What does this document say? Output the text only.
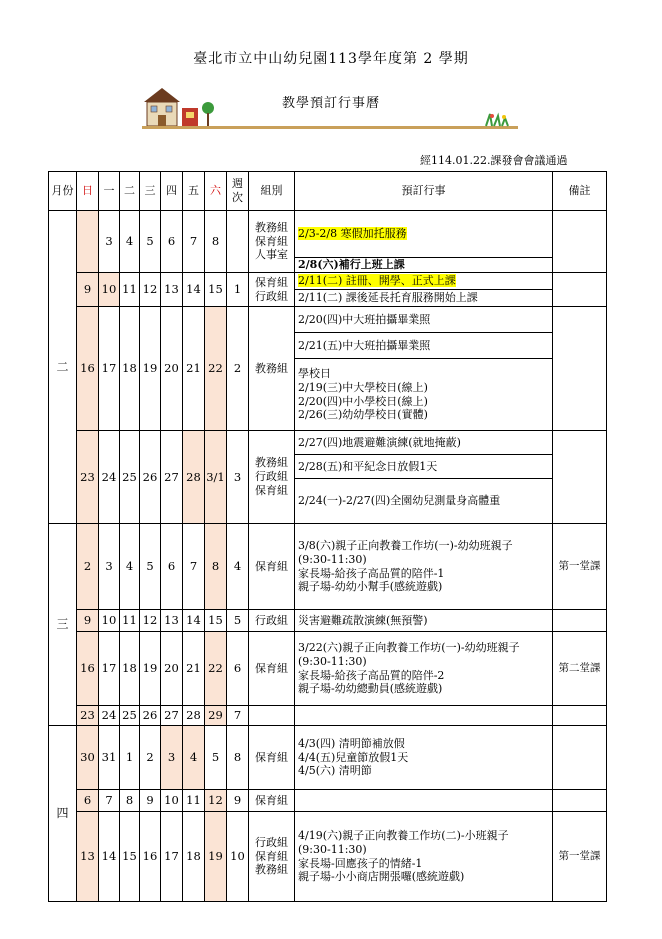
臺北市立中山幼兒園113學年度第 2 學期
教學預訂行事曆
經114.01.22.課發會會議通過
月份	日	一	二	三	四	五	六	週次	組別	預訂行事	備註
二		3	4	5	6	7	8		教務組
保育組
人事室	2/3-2/8 寒假加托服務	

										2/8(六)補行上班上課	

	9	10	11	12	13	14	15	1	保育組
行政組	2/11(二) 註冊、開學、正式上課	

										2/11(二) 課後延長托育服務開始上課	

	16	17	18	19	20	21	22	2	教務組	2/20(四)中大班拍攝畢業照	

										2/21(五)中大班拍攝畢業照	

										學校日
2/19(三)中大學校日(線上)
2/20(四)中小學校日(線上)
2/26(三)幼幼學校日(實體)	

	23	24	25	26	27	28	3/1	3	教務組
行政組
保育組	2/27(四)地震避難演練(就地掩蔽)	

										2/28(五)和平紀念日放假1天	

										2/24(一)-2/27(四)全園幼兒測量身高體重	

三	2	3	4	5	6	7	8	4	保育組	3/8(六)親子正向教養工作坊(一)-幼幼班親子
(9:30-11:30)
家長場-給孩子高品質的陪伴-1
親子場-幼幼小幫手(感統遊戲)	第一堂課
	9	10	11	12	13	14	15	5	行政組	災害避難疏散演練(無預警)	

	16	17	18	19	20	21	22	6	保育組	3/22(六)親子正向教養工作坊(一)-幼幼班親子
(9:30-11:30)
家長場-給孩子高品質的陪伴-2
親子場-幼幼總動員(感統遊戲)	第二堂課
	23	24	25	26	27	28	29	7		

四	30	31	1	2	3	4	5	8	保育組	4/3(四) 清明節補放假
4/4(五)兒童節放假1天
4/5(六) 清明節	

	6	7	8	9	10	11	12	9	保育組		

	13	14	15	16	17	18	19	10	行政組
保育組
教務組	4/19(六)親子正向教養工作坊(二)-小班親子
(9:30-11:30)
家長場-回應孩子的情緒-1
親子場-小小商店開張囉(感統遊戲)	第一堂課
